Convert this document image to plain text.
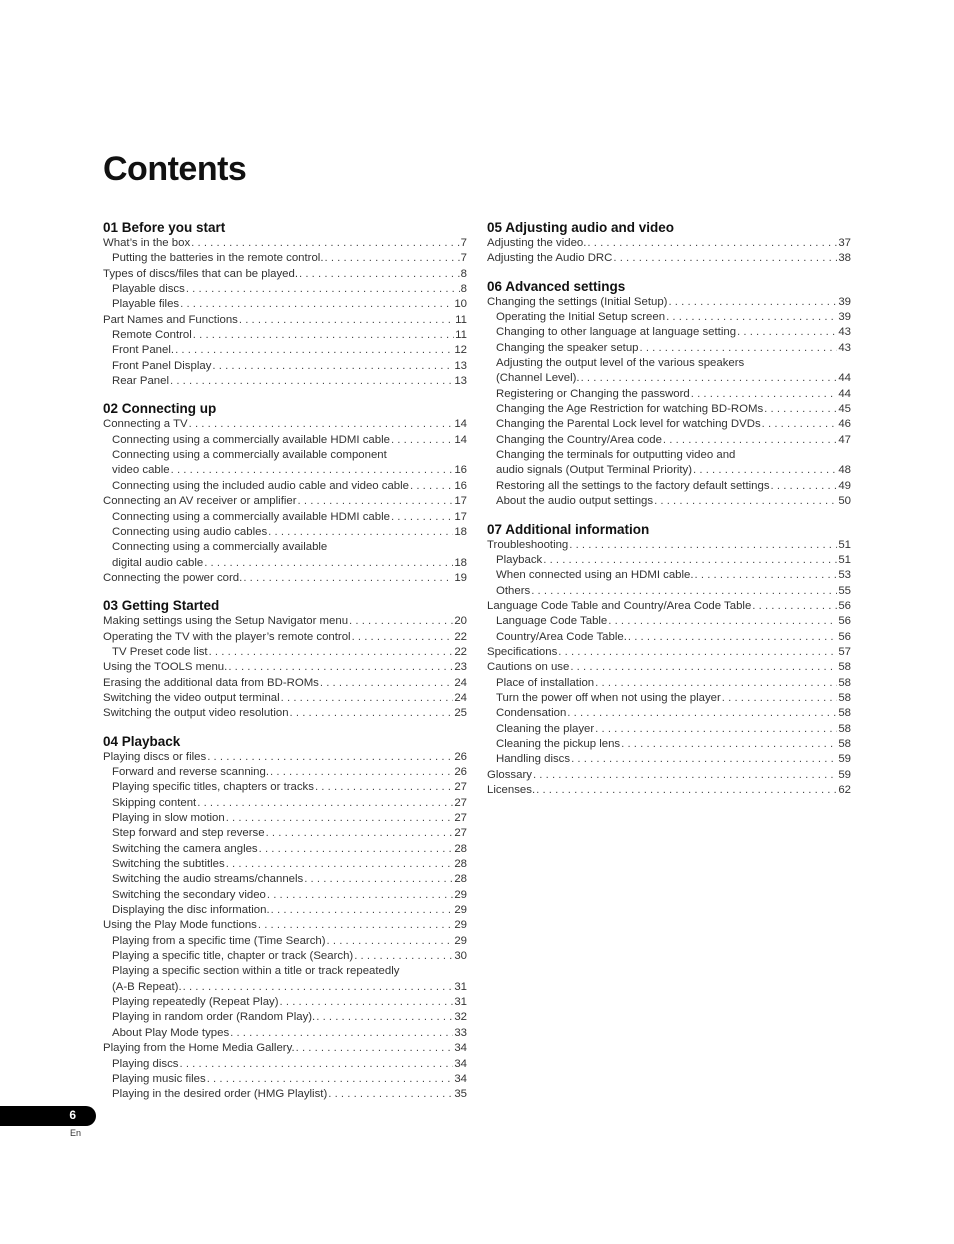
Contents
01 Before you start
What’s in the box . . .	7
Putting the batteries in the remote control. . . .	7
Types of discs/files that can be played. . . .	8
Playable discs . . .	8
Playable files . . .	10
Part Names and Functions . . .	11
Remote Control . . .	11
Front Panel. . . .	12
Front Panel Display . . .	13
Rear Panel . . .	13
02 Connecting up
Connecting a TV . . .	14
Connecting using a commercially available HDMI cable . . .	14
Connecting using a commercially available component
video cable . . .	16
Connecting using the included audio cable and video cable . . .	16
Connecting an AV receiver or amplifier . . .	17
Connecting using a commercially available HDMI cable . . .	17
Connecting using audio cables . . .	18
Connecting using a commercially available
digital audio cable . . .	18
Connecting the power cord. . . .	19
03 Getting Started
Making settings using the Setup Navigator menu . . .	20
Operating the TV with the player’s remote control . . .	22
TV Preset code list . . .	22
Using the TOOLS menu. . . .	23
Erasing the additional data from BD-ROMs . . .	24
Switching the video output terminal . . .	24
Switching the output video resolution . . .	25
04 Playback
Playing discs or files . . .	26
Forward and reverse scanning. . . .	26
Playing specific titles, chapters or tracks . . .	27
Skipping content . . .	27
Playing in slow motion . . .	27
Step forward and step reverse . . .	27
Switching the camera angles . . .	28
Switching the subtitles . . .	28
Switching the audio streams/channels . . .	28
Switching the secondary video . . .	29
Displaying the disc information. . . .	29
Using the Play Mode functions . . .	29
Playing from a specific time (Time Search) . . .	29
Playing a specific title, chapter or track (Search) . . .	30
Playing a specific section within a title or track repeatedly
(A-B Repeat). . . .	31
Playing repeatedly (Repeat Play) . . .	31
Playing in random order (Random Play). . . .	32
About Play Mode types . . .	33
Playing from the Home Media Gallery. . . .	34
Playing discs . . .	34
Playing music files . . .	34
Playing in the desired order (HMG Playlist) . . .	35
05 Adjusting audio and video
Adjusting the video. . . .	37
Adjusting the Audio DRC . . .	38
06 Advanced settings
Changing the settings (Initial Setup) . . .	39
Operating the Initial Setup screen . . .	39
Changing to other language at language setting . . .	43
Changing the speaker setup . . .	43
Adjusting the output level of the various speakers
(Channel Level). . . .	44
Registering or Changing the password . . .	44
Changing the Age Restriction for watching BD-ROMs . . .	45
Changing the Parental Lock level for watching DVDs . . .	46
Changing the Country/Area code . . .	47
Changing the terminals for outputting video and
audio signals (Output Terminal Priority) . . .	48
Restoring all the settings to the factory default settings . . .	49
About the audio output settings . . .	50
07 Additional information
Troubleshooting . . .	51
Playback . . .	51
When connected using an HDMI cable. . . .	53
Others . . .	55
Language Code Table and Country/Area Code Table . . .	56
Language Code Table . . .	56
Country/Area Code Table. . . .	56
Specifications . . .	57
Cautions on use . . .	58
Place of installation . . .	58
Turn the power off when not using the player . . .	58
Condensation . . .	58
Cleaning the player . . .	58
Cleaning the pickup lens . . .	58
Handling discs . . .	59
Glossary . . .	59
Licenses. . . .	62
6
En
